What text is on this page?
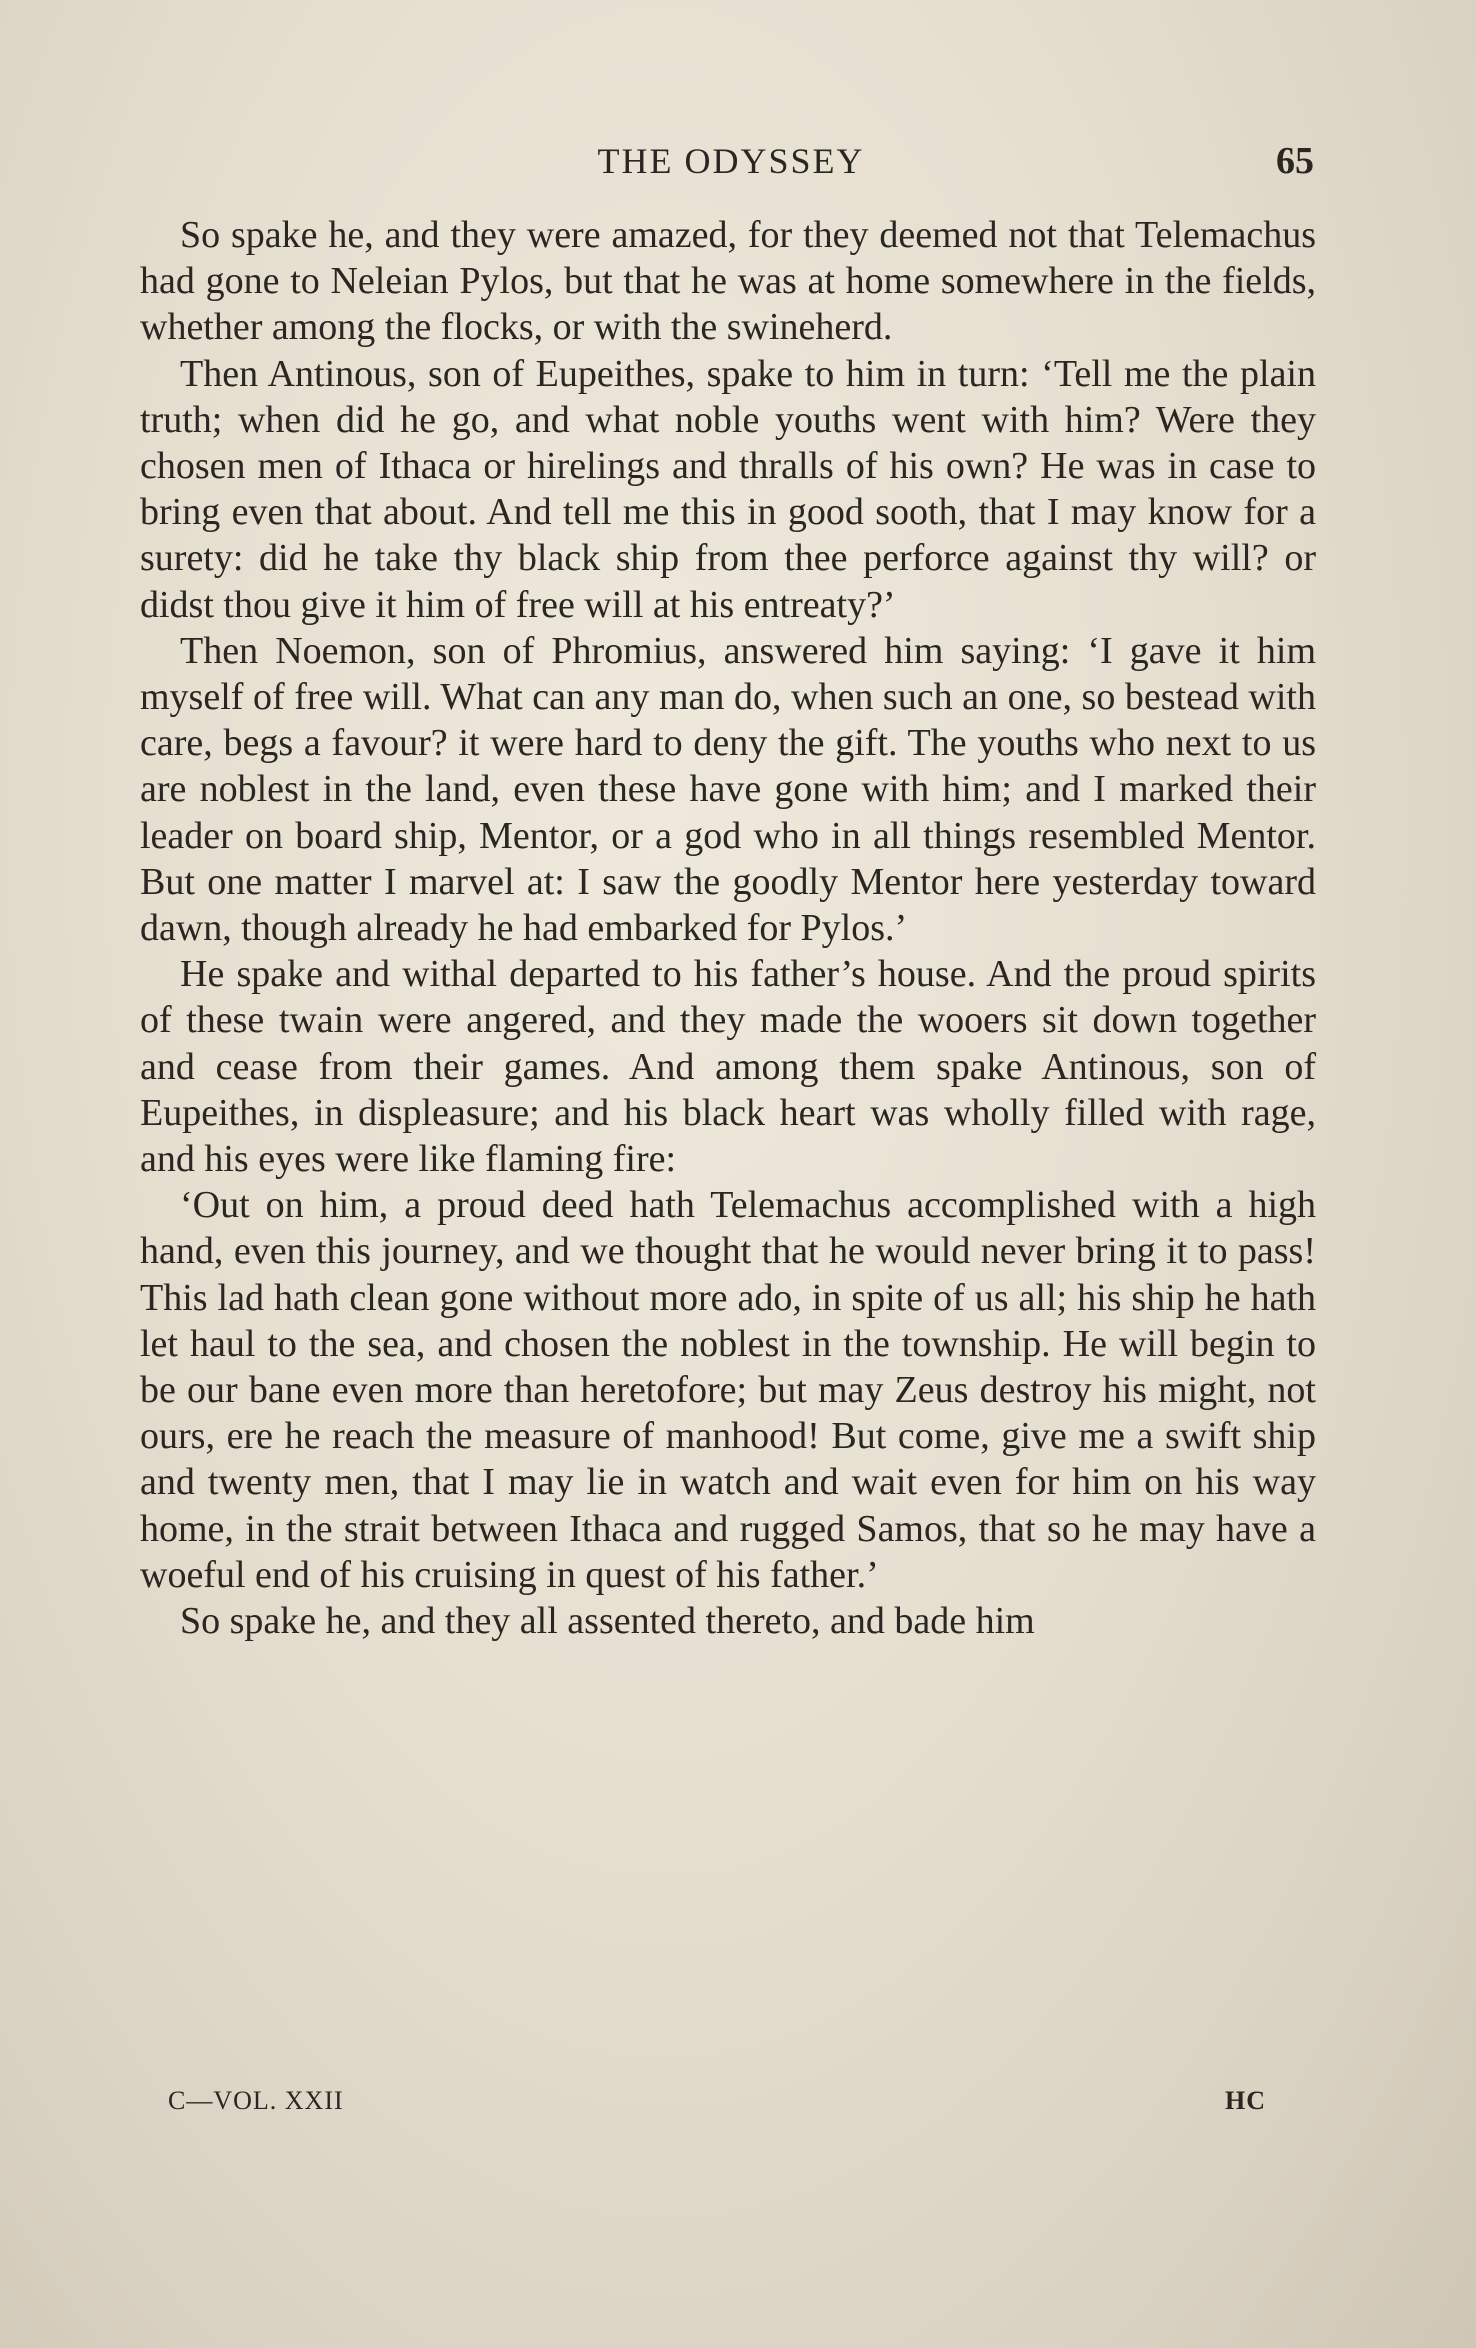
THE ODYSSEY	65

So spake he, and they were amazed, for they deemed not that Telemachus had gone to Neleian Pylos, but that he was at home somewhere in the fields, whether among the flocks, or with the swineherd.

Then Antinous, son of Eupeithes, spake to him in turn: ‘Tell me the plain truth; when did he go, and what noble youths went with him? Were they chosen men of Ithaca or hirelings and thralls of his own? He was in case to bring even that about. And tell me this in good sooth, that I may know for a surety: did he take thy black ship from thee perforce against thy will? or didst thou give it him of free will at his entreaty?’

Then Noemon, son of Phromius, answered him saying: ‘I gave it him myself of free will. What can any man do, when such an one, so bestead with care, begs a favour? it were hard to deny the gift. The youths who next to us are noblest in the land, even these have gone with him; and I marked their leader on board ship, Mentor, or a god who in all things resembled Mentor. But one matter I marvel at: I saw the goodly Mentor here yesterday toward dawn, though already he had embarked for Pylos.’

He spake and withal departed to his father’s house. And the proud spirits of these twain were angered, and they made the wooers sit down together and cease from their games. And among them spake Antinous, son of Eupeithes, in displeasure; and his black heart was wholly filled with rage, and his eyes were like flaming fire:

‘Out on him, a proud deed hath Telemachus accomplished with a high hand, even this journey, and we thought that he would never bring it to pass! This lad hath clean gone without more ado, in spite of us all; his ship he hath let haul to the sea, and chosen the noblest in the township. He will begin to be our bane even more than heretofore; but may Zeus destroy his might, not ours, ere he reach the measure of manhood! But come, give me a swift ship and twenty men, that I may lie in watch and wait even for him on his way home, in the strait between Ithaca and rugged Samos, that so he may have a woeful end of his cruising in quest of his father.’

So spake he, and they all assented thereto, and bade him

C—VOL. XXII	HC
